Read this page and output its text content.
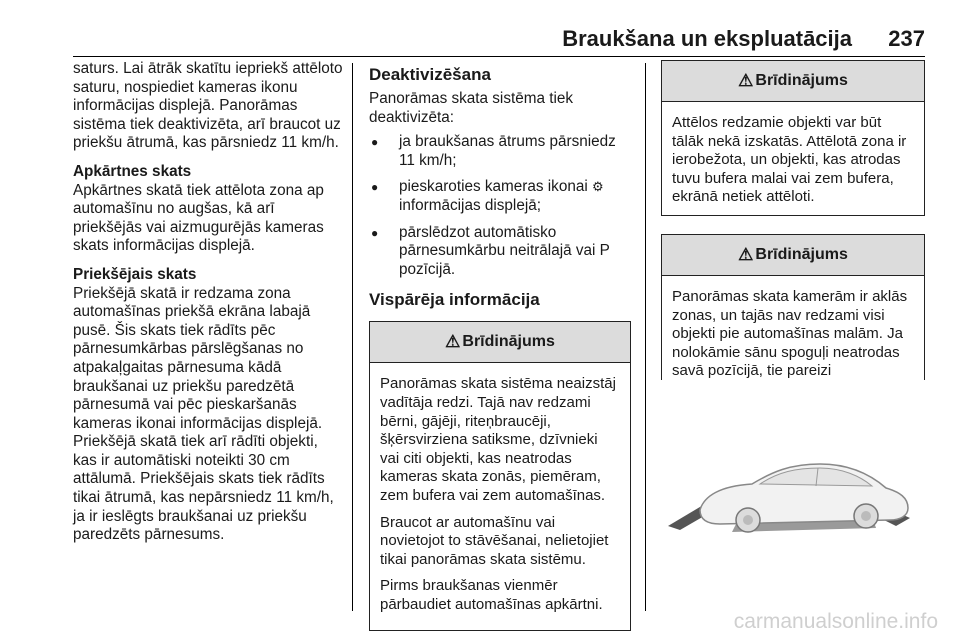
Braukšana un ekspluatācija 237

saturs. Lai ātrāk skatītu iepriekš attēloto saturu, nospiediet kameras ikonu informācijas displejā. Panorāmas sistēma tiek deaktivizēta, arī braucot uz priekšu ātrumā, kas pārsniedz 11 km/h.

Apkārtnes skats
Apkārtnes skatā tiek attēlota zona ap automašīnu no augšas, kā arī priekšējās vai aizmugurējās kameras skats informācijas displejā.

Priekšējais skats
Priekšējā skatā ir redzama zona automašīnas priekšā ekrāna labajā pusē. Šis skats tiek rādīts pēc pārnesumkārbas pārslēgšanas no atpakaļgaitas pārnesuma kādā braukšanai uz priekšu paredzētā pārnesumā vai pēc pieskaršanās kameras ikonai informācijas displejā. Priekšējā skatā tiek arī rādīti objekti, kas ir automātiski noteikti 30 cm attālumā. Priekšējais skats tiek rādīts tikai ātrumā, kas nepārsniedz 11 km/h, ja ir ieslēgts braukšanai uz priekšu paredzēts pārnesums.

Deaktivizēšana

Panorāmas skata sistēma tiek deaktivizēta:

● ja braukšanas ātrums pārsniedz 11 km/h;
● pieskaroties kameras ikonai ⚙ informācijas displejā;
● pārslēdzot automātisko pārnesumkārbu neitrālajā vai P pozīcijā.
Vispārēja informācija
⚠ Brīdinājums

Panorāmas skata sistēma neaizstāj vadītāja redzi. Tajā nav redzami bērni, gājēji, riteņbraucēji, šķērsvirziena satiksme, dzīvnieki vai citi objekti, kas neatrodas kameras skata zonās, piemēram, zem bufera vai zem automašīnas.

Braucot ar automašīnu vai novietojot to stāvēšanai, nelietojiet tikai panorāmas skata sistēmu.

Pirms braukšanas vienmēr pārbaudiet automašīnas apkārtni.

⚠ Brīdinājums
Attēlos redzamie objekti var būt tālāk nekā izskatās. Attēlotā zona ir ierobežota, un objekti, kas atrodas tuvu bufera malai vai zem bufera, ekrānā netiek attēloti.
⚠ Brīdinājums
Panorāmas skata kamerām ir aklās zonas, un tajās nav redzami visi objekti pie automašīnas malām. Ja nolokāmie sānu spoguļi neatrodas savā pozīcijā, tie pareizi
carmanualsonline.info
